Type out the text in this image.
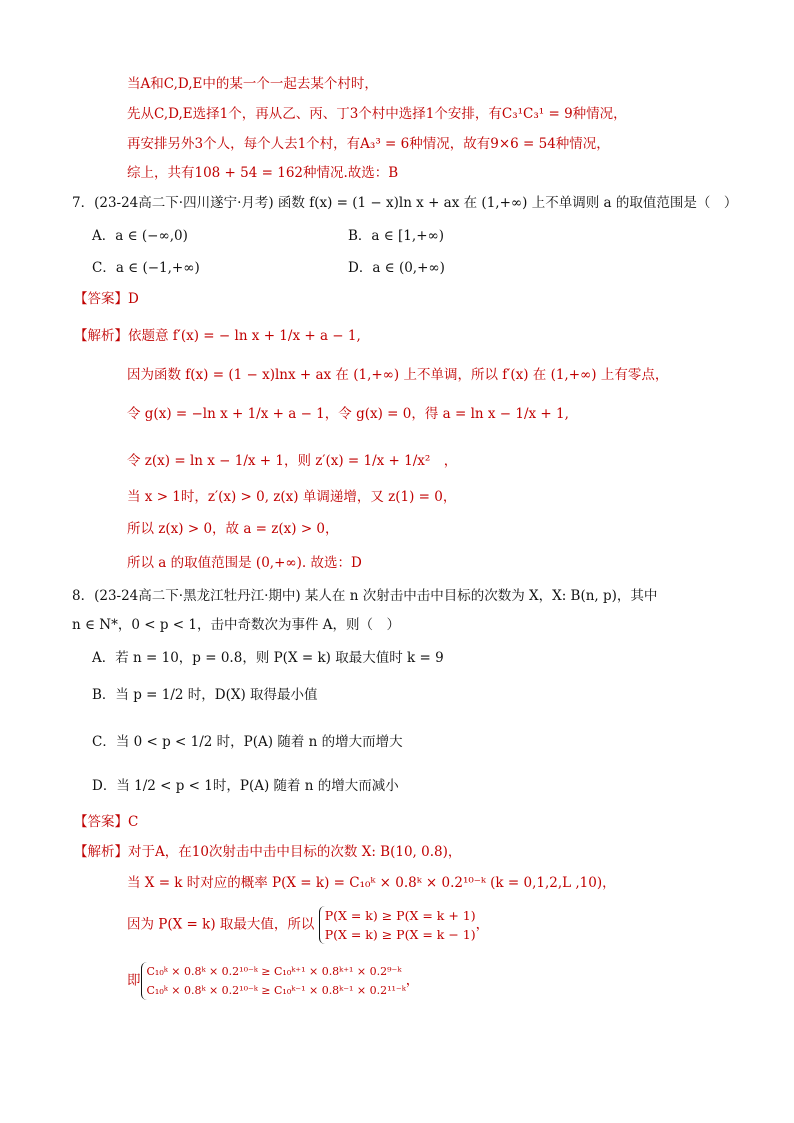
当A和C,D,E中的某一个一起去某个村时，
先从C,D,E选择1个，再从乙、丙、丁3个村中选择1个安排，有C₃¹C₃¹ = 9种情况，
再安排另外3个人，每个人去1个村，有A₃³ = 6种情况，故有9×6 = 54种情况，
综上，共有108 + 54 = 162种情况.故选：B
7．(23-24高二下·四川遂宁·月考) 函数 f(x) = (1 − x)ln x + ax 在 (1,+∞) 上不单调则 a 的取值范围是（　）
A．a ∈ (−∞,0)	B．a ∈ [1,+∞)
C．a ∈ (−1,+∞)	D．a ∈ (0,+∞)
【答案】D
【解析】依题意 f′(x) = − ln x + 1/x + a − 1,
因为函数 f(x) = (1 − x)lnx + ax 在 (1,+∞) 上不单调，所以 f′(x) 在 (1,+∞) 上有零点，
令 g(x) = −ln x + 1/x + a − 1，令 g(x) = 0，得 a = ln x − 1/x + 1,
令 z(x) = ln x − 1/x + 1，则 z′(x) = 1/x + 1/x²　，
当 x > 1时，z′(x) > 0, z(x) 单调递增，又 z(1) = 0，
所以 z(x) > 0，故 a = z(x) > 0，
所以 a 的取值范围是 (0,+∞). 故选：D
8．(23-24高二下·黑龙江牡丹江·期中) 某人在 n 次射击中击中目标的次数为 X，X: B(n, p)，其中
n ∈ N*，0 < p < 1，击中奇数次为事件 A，则（　）
A．若 n = 10，p = 0.8，则 P(X = k) 取最大值时 k = 9
B．当 p = 1/2 时，D(X) 取得最小值
C．当 0 < p < 1/2 时，P(A) 随着 n 的增大而增大
D．当 1/2 < p < 1时，P(A) 随着 n 的增大而减小
【答案】C
【解析】对于A，在10次射击中击中目标的次数 X: B(10, 0.8)，
当 X = k 时对应的概率 P(X = k) = C₁₀ᵏ × 0.8ᵏ × 0.2¹⁰⁻ᵏ (k = 0,1,2,L ,10)，
因为 P(X = k) 取最大值，所以
P(X = k) ≥ P(X = k + 1)
P(X = k) ≥ P(X = k − 1)
，
即
C₁₀ᵏ × 0.8ᵏ × 0.2¹⁰⁻ᵏ ≥ C₁₀ᵏ⁺¹ × 0.8ᵏ⁺¹ × 0.2⁹⁻ᵏ
C₁₀ᵏ × 0.8ᵏ × 0.2¹⁰⁻ᵏ ≥ C₁₀ᵏ⁻¹ × 0.8ᵏ⁻¹ × 0.2¹¹⁻ᵏ
，
